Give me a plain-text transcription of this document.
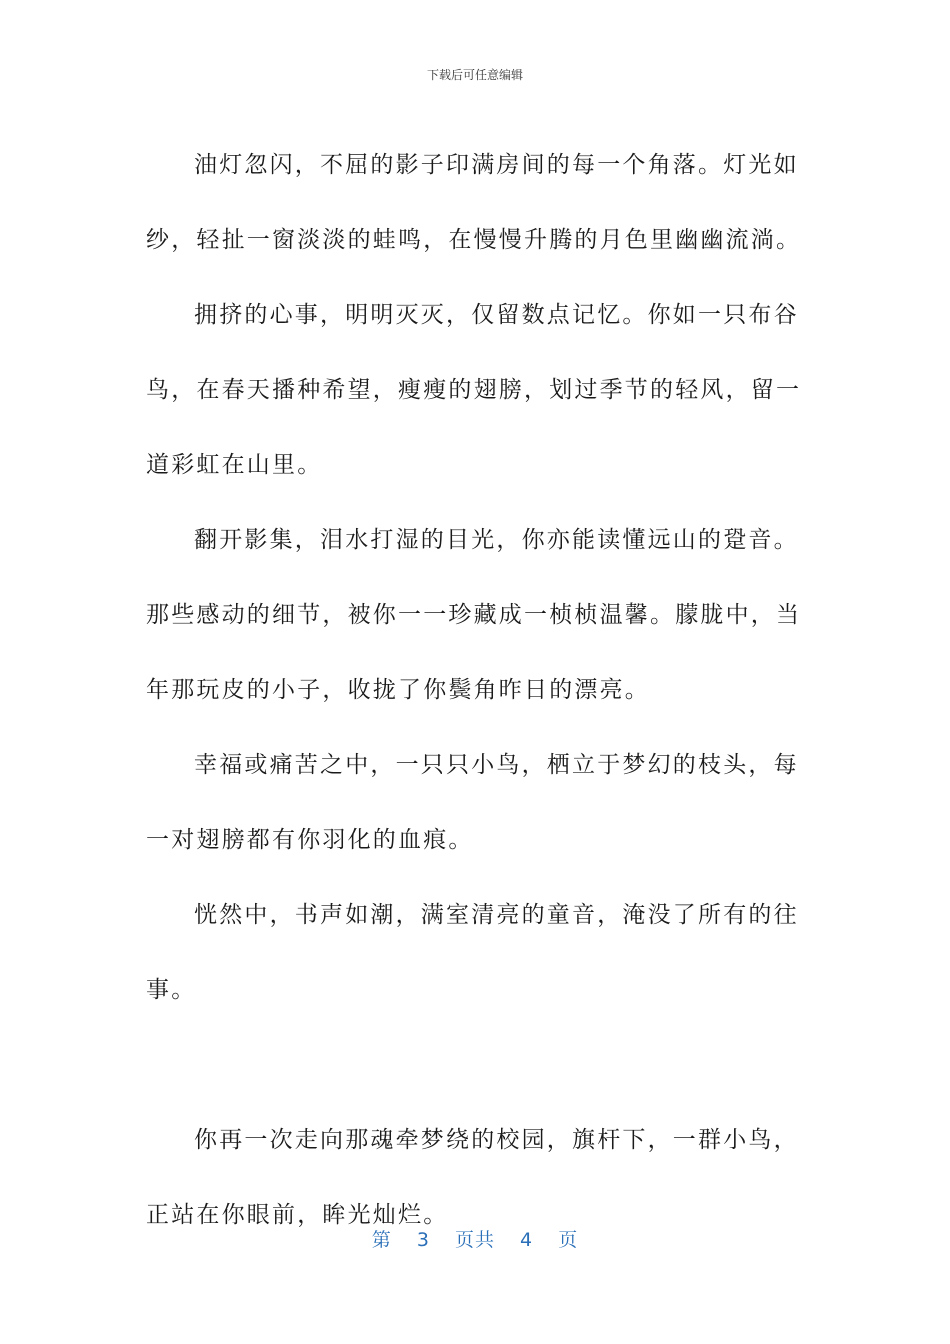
下载后可任意编辑

油灯忽闪，不屈的影子印满房间的每一个角落。灯光如纱，轻扯一窗淡淡的蛙鸣，在慢慢升腾的月色里幽幽流淌。

拥挤的心事，明明灭灭，仅留数点记忆。你如一只布谷鸟，在春天播种希望，瘦瘦的翅膀，划过季节的轻风，留一道彩虹在山里。

翻开影集，泪水打湿的目光，你亦能读懂远山的跫音。那些感动的细节，被你一一珍藏成一桢桢温馨。朦胧中，当年那玩皮的小子，收拢了你鬓角昨日的漂亮。

幸福或痛苦之中，一只只小鸟，栖立于梦幻的枝头，每一对翅膀都有你羽化的血痕。

恍然中，书声如潮，满室清亮的童音，淹没了所有的往事。

你再一次走向那魂牵梦绕的校园，旗杆下，一群小鸟，正站在你眼前，眸光灿烂。

第 3 页共 4 页
